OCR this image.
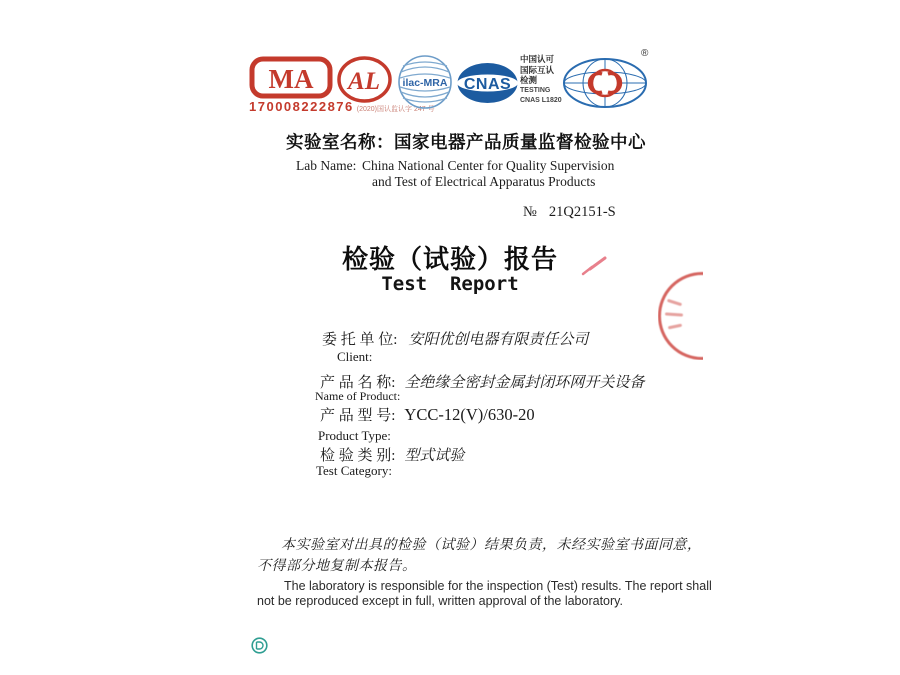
MA
170008222876 (2020)国认监认字 247 号
AL ilac-MRA CNAS
中国认可
国际互认
检测
TESTING
CNAS L1820
®
实验室名称：国家电器产品质量监督检验中心
Lab Name: China National Center for Quality Supervision
and Test of Electrical Apparatus Products
№ 21Q2151-S
检验（试验）报告
Test  Report
委 托 单 位: 安阳优创电器有限责任公司
Client:
产 品 名 称: 全绝缘全密封金属封闭环网开关设备
Name of Product:
产 品 型 号: YCC-12(V)/630-20
Product Type:
检 验 类 别: 型式试验
Test Category:
本实验室对出具的检验（试验）结果负责，未经实验室书面同意，
不得部分地复制本报告。
The laboratory is responsible for the inspection (Test) results. The report shall
not be reproduced except in full, written approval of the laboratory.
